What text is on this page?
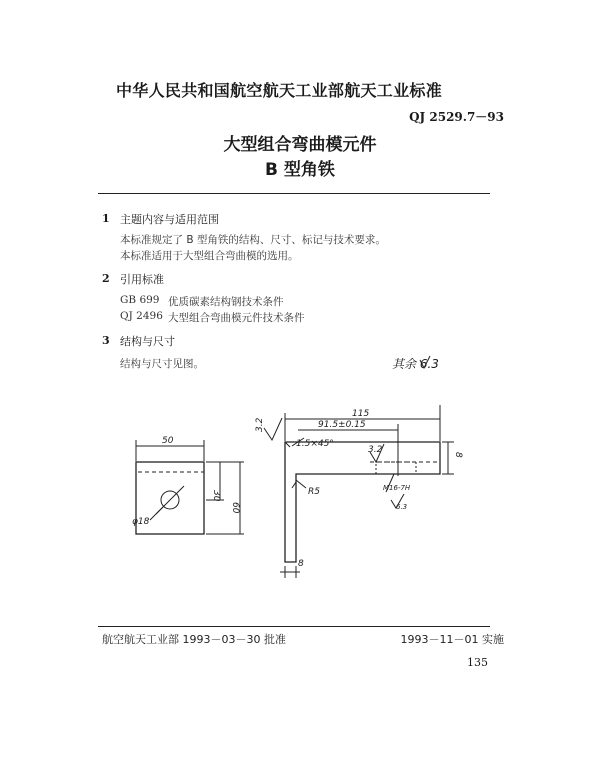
中华人民共和国航空航天工业部航天工业标准
QJ 2529.7－93
大型组合弯曲模元件
B 型角铁
1 主题内容与适用范围
本标准规定了 B 型角铁的结构、尺寸、标记与技术要求。
本标准适用于大型组合弯曲模的选用。
2 引用标准
GB 699 优质碳素结构钢技术条件
QJ 2496 大型组合弯曲模元件技术条件
3 结构与尺寸
结构与尺寸见图。	其余 6.3
50
30
60
φ18
115
91.5±0.15
1.5×45°
3.2
3.2	8
8
R5	M16-7H
6.3
航空航天工业部 1993－03－30 批准	1993－11－01 实施
135
